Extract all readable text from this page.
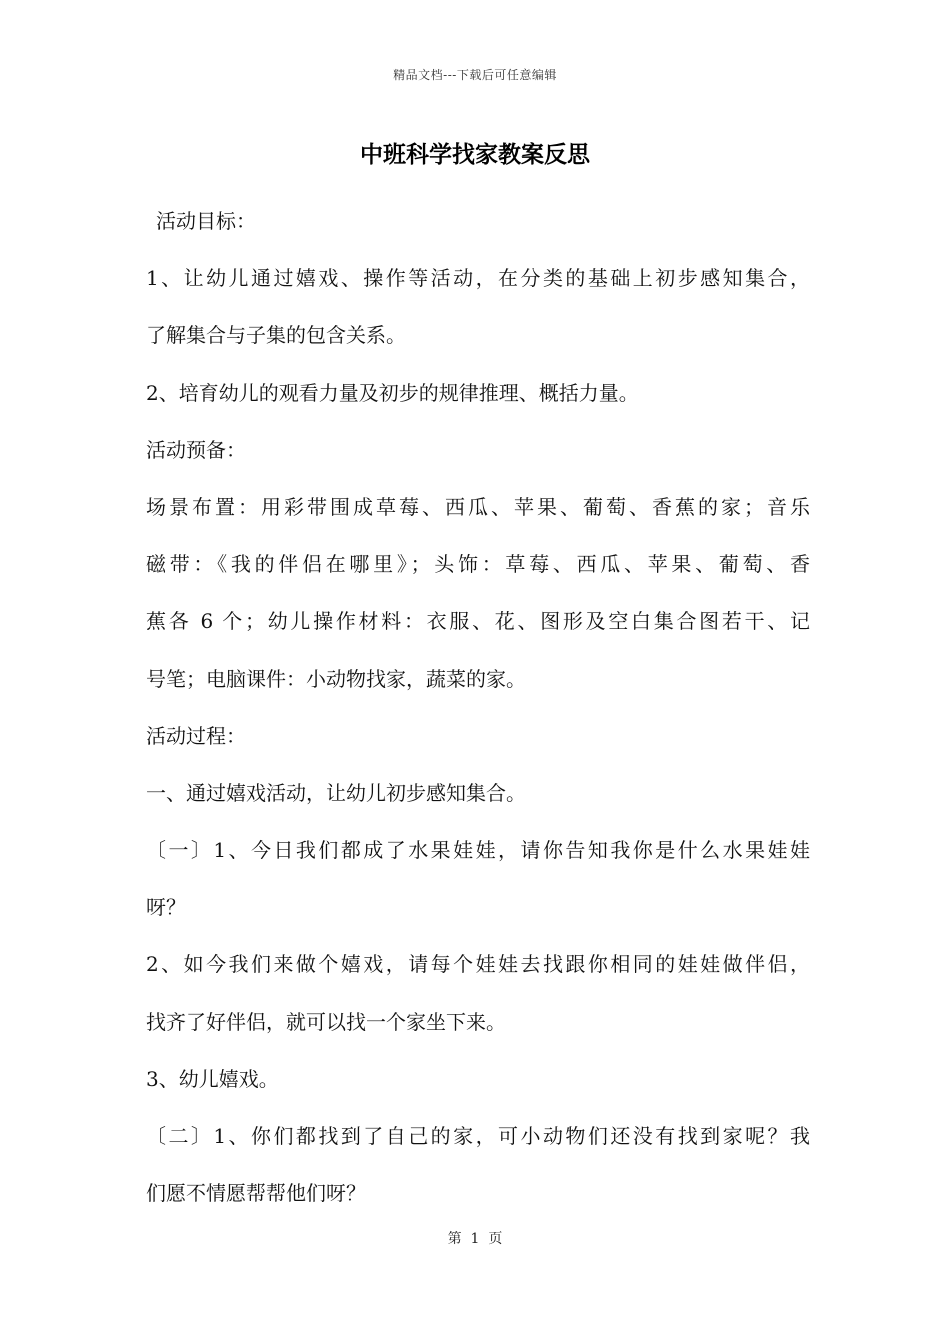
精品文档---下载后可任意编辑
中班科学找家教案反思
活动目标：
1、让幼儿通过嬉戏、操作等活动，在分类的基础上初步感知集合，
了解集合与子集的包含关系。
2、培育幼儿的观看力量及初步的规律推理、概括力量。
活动预备：
场景布置：用彩带围成草莓、西瓜、苹果、葡萄、香蕉的家；音乐
磁带：《我的伴侣在哪里》；头饰：草莓、西瓜、苹果、葡萄、香
蕉各 6 个；幼儿操作材料：衣服、花、图形及空白集合图若干、记
号笔；电脑课件：小动物找家，蔬菜的家。
活动过程：
一、通过嬉戏活动，让幼儿初步感知集合。
〔一〕1、今日我们都成了水果娃娃，请你告知我你是什么水果娃娃
呀？
2、如今我们来做个嬉戏，请每个娃娃去找跟你相同的娃娃做伴侣，
找齐了好伴侣，就可以找一个家坐下来。
3、幼儿嬉戏。
〔二〕1、你们都找到了自己的家，可小动物们还没有找到家呢？我
们愿不情愿帮帮他们呀？
第 1 页
